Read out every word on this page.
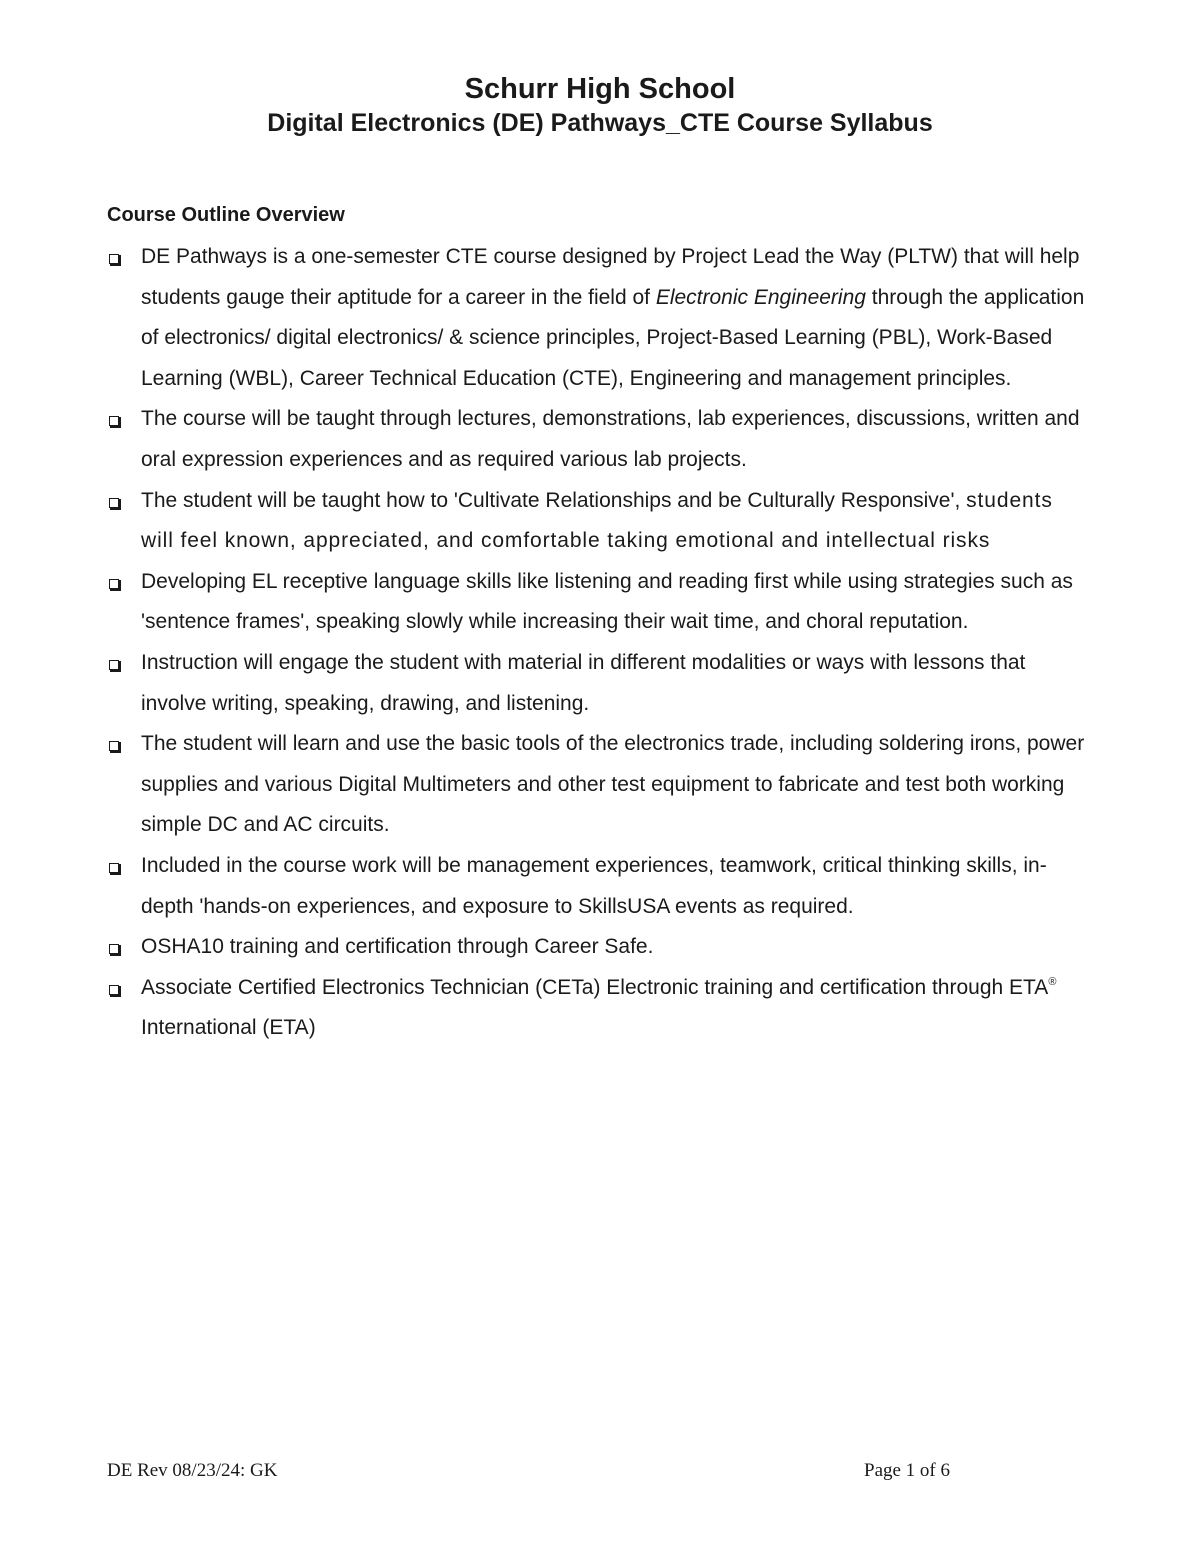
Schurr High School
Digital Electronics (DE) Pathways_CTE Course Syllabus
Course Outline Overview
DE Pathways is a one-semester CTE course designed by Project Lead the Way (PLTW) that will help students gauge their aptitude for a career in the field of Electronic Engineering through the application of electronics/ digital electronics/ & science principles, Project-Based Learning (PBL), Work-Based Learning (WBL), Career Technical Education (CTE), Engineering and management principles.
The course will be taught through lectures, demonstrations, lab experiences, discussions, written and oral expression experiences and as required various lab projects.
The student will be taught how to 'Cultivate Relationships and be Culturally Responsive', students will feel known, appreciated, and comfortable taking emotional and intellectual risks
Developing EL receptive language skills like listening and reading first while using strategies such as 'sentence frames', speaking slowly while increasing their wait time, and choral reputation.
Instruction will engage the student with material in different modalities or ways with lessons that involve writing, speaking, drawing, and listening.
The student will learn and use the basic tools of the electronics trade, including soldering irons, power supplies and various Digital Multimeters and other test equipment to fabricate and test both working simple DC and AC circuits.
Included in the course work will be management experiences, teamwork, critical thinking skills, in-depth 'hands-on experiences, and exposure to SkillsUSA events as required.
OSHA10 training and certification through Career Safe.
Associate Certified Electronics Technician (CETa) Electronic training and certification through ETA® International (ETA)
DE Rev 08/23/24: GK	Page 1 of 6
